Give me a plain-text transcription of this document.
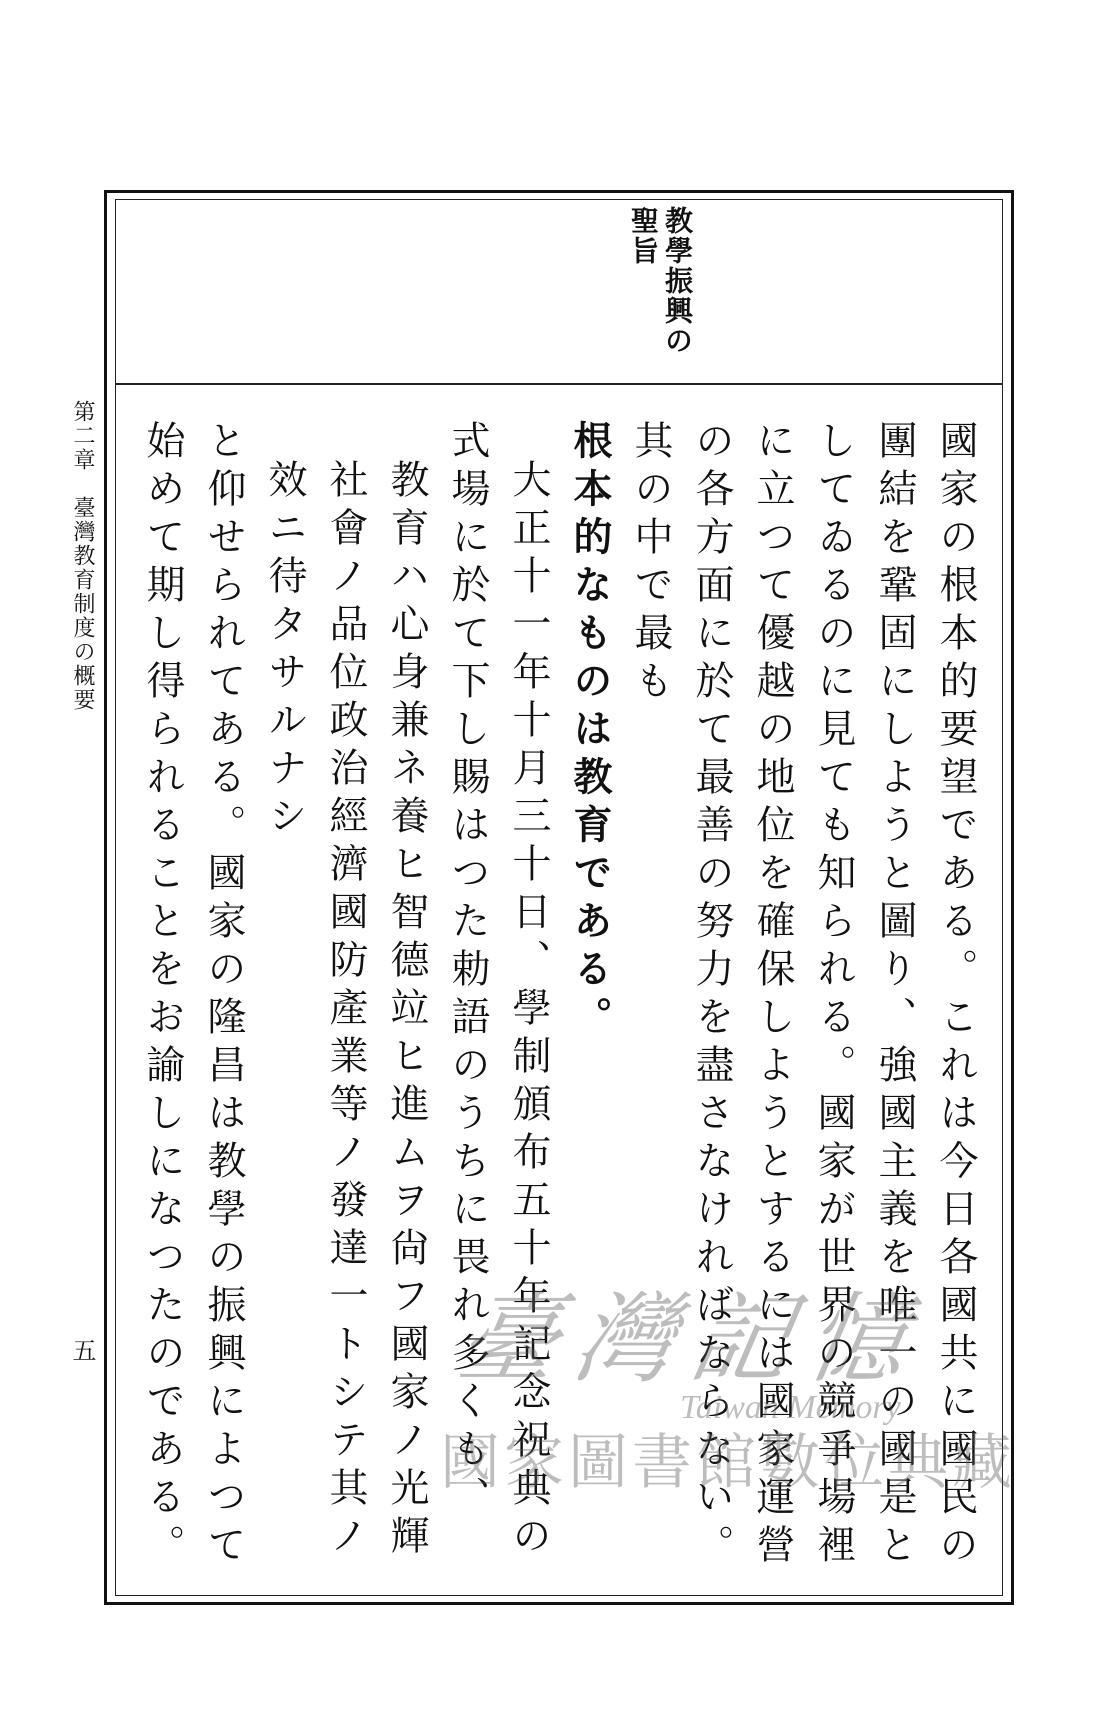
第二章　臺灣教育制度の概要
五
教學振興の聖旨

國家の根本的要望である。これは今日各國共に國民の團結を鞏固にしようと圖り、強國主義を唯一の國是としてゐるのに見ても知られる。國家が世界の競爭場裡に立つて優越の地位を確保しようとするには國家運營の各方面に於て最善の努力を盡さなければならない。其の中で最も

根本的なものは教育である。

大正十一年十月三十日、學制頒布五十年記念祝典の式場に於て下し賜はつた勅語のうちに畏れ多くも、

教育ハ心身兼ネ養ヒ智德竝ヒ進ムヲ尙フ國家ノ光輝社會ノ品位政治經濟國防產業等ノ發達一トシテ其ノ效ニ待タサルナシ

と仰せられてある。國家の隆昌は教學の振興によつて始めて期し得られることをお諭しになつたのである。	臺灣記憶
Taiwan Memory
國家圖書館數位典藏
